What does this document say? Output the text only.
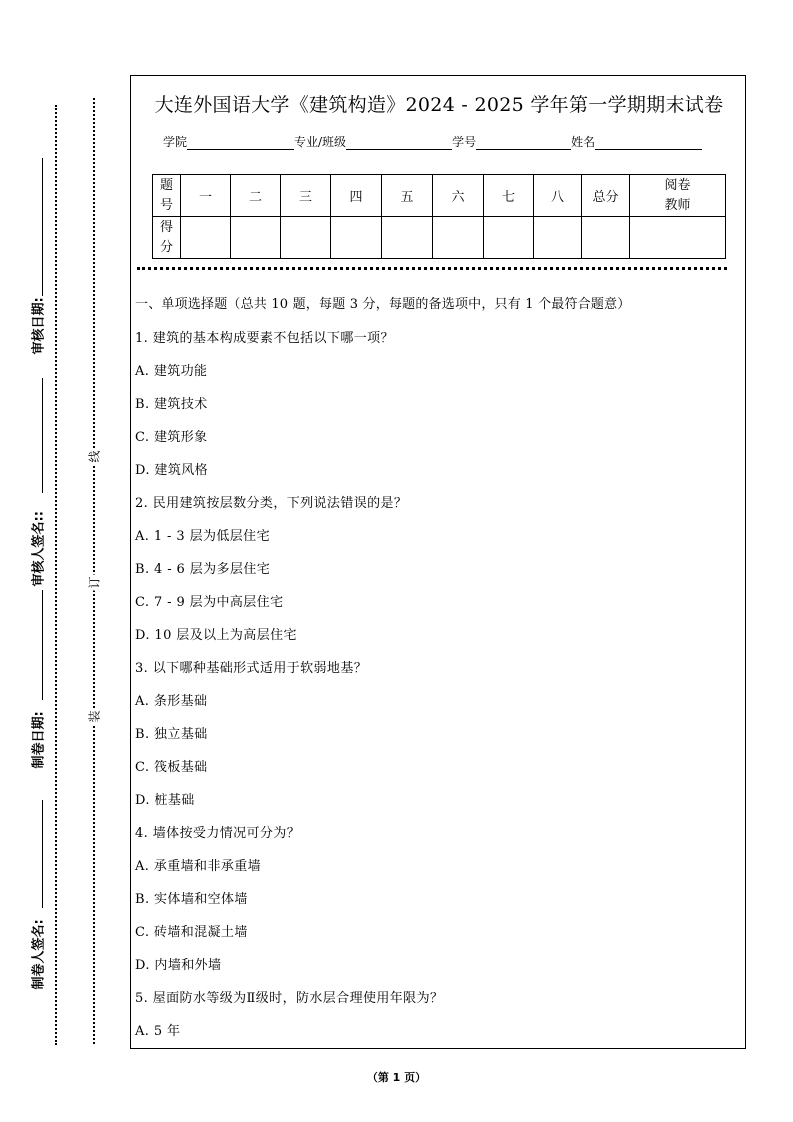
审核日期:
审核人签名::
制卷日期:
制卷人签名:
线
订
装
大连外国语大学《建筑构造》2024 - 2025 学年第一学期期末试卷
学院	专业/班级	学号	姓名
题
号	一	二	三	四	五	六	七	八	总分	阅卷
教师
得
分										
一、单项选择题（总共 10 题，每题 3 分，每题的备选项中，只有 1 个最符合题意）
1. 建筑的基本构成要素不包括以下哪一项？
A. 建筑功能
B. 建筑技术
C. 建筑形象
D. 建筑风格
2. 民用建筑按层数分类，下列说法错误的是？
A. 1 - 3 层为低层住宅
B. 4 - 6 层为多层住宅
C. 7 - 9 层为中高层住宅
D. 10 层及以上为高层住宅
3. 以下哪种基础形式适用于软弱地基？
A. 条形基础
B. 独立基础
C. 筏板基础
D. 桩基础
4. 墙体按受力情况可分为？
A. 承重墙和非承重墙
B. 实体墙和空体墙
C. 砖墙和混凝土墙
D. 内墙和外墙
5. 屋面防水等级为Ⅱ级时，防水层合理使用年限为？
A. 5 年
（第 1 页）
